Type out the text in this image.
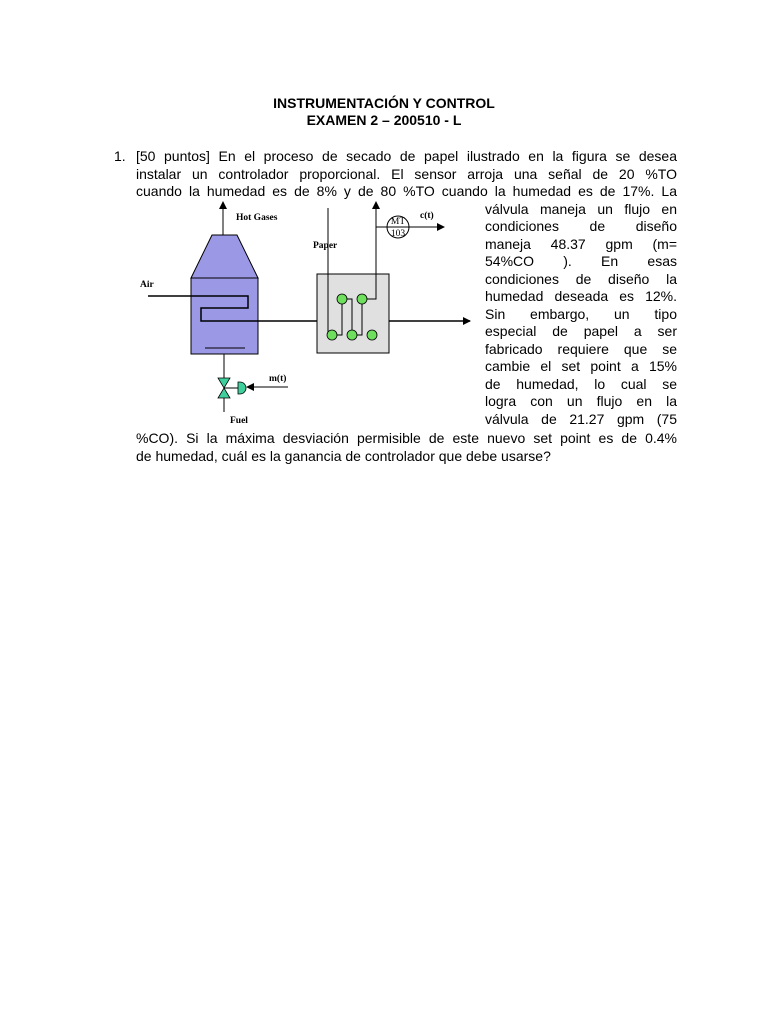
INSTRUMENTACIÓN Y CONTROL
EXAMEN 2 – 200510 - L
1. [50 puntos] En el proceso de secado de papel ilustrado en la figura se desea
instalar un controlador proporcional. El sensor arroja una señal de 20 %TO
cuando la humedad es de 8% y de 80 %TO cuando la humedad es de 17%. La
válvula maneja un flujo en
condiciones de diseño
maneja 48.37 gpm (m=
54%CO ). En esas
condiciones de diseño la
humedad deseada es 12%.
Sin embargo, un tipo
especial de papel a ser
fabricado requiere que se
cambie el set point a 15%
de humedad, lo cual se
logra con un flujo en la
válvula de 21.27 gpm (75
%CO). Si la máxima desviación permisible de este nuevo set point es de 0.4%
de humedad, cuál es la ganancia de controlador que debe usarse?
Hot Gases
Air
Paper
MT
103
c(t)
m(t)
Fuel
